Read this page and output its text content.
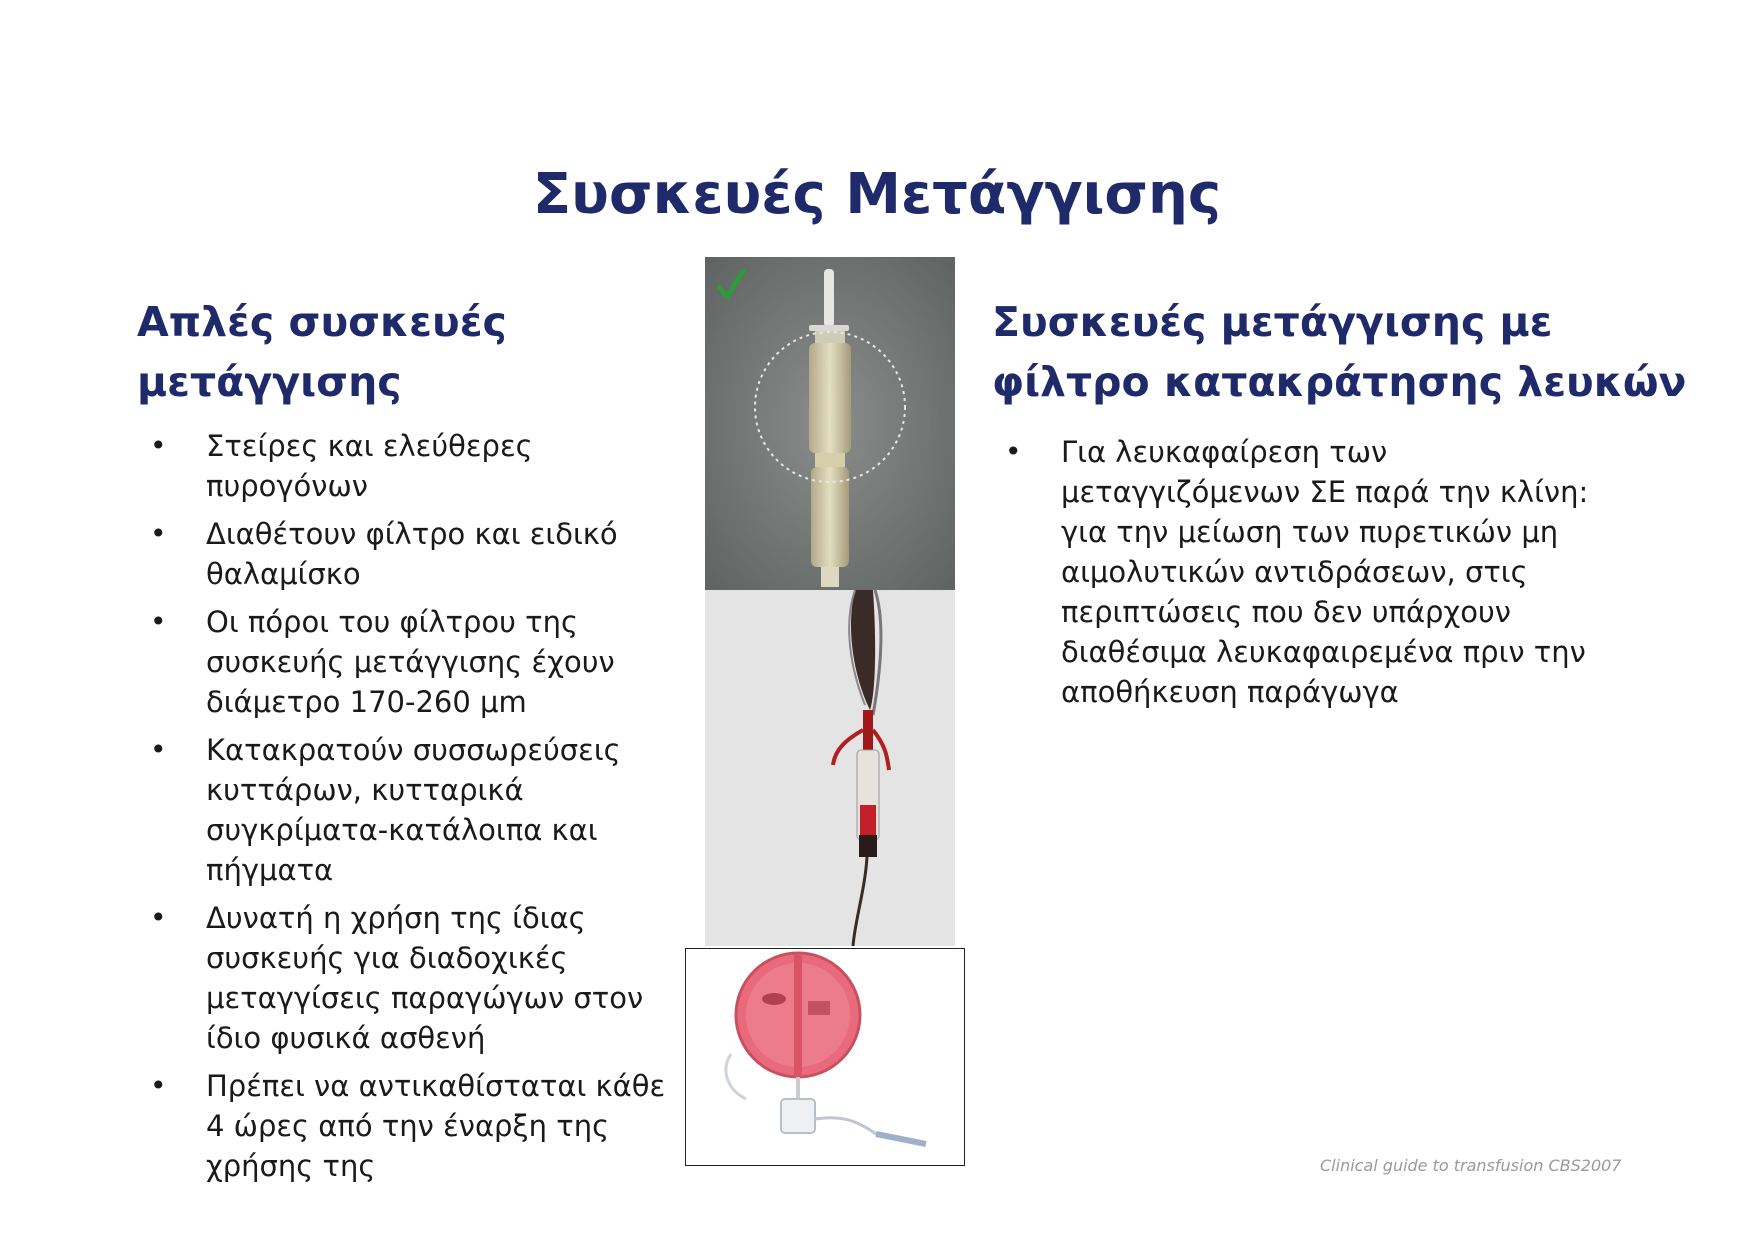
Συσκευές Μετάγγισης
Απλές συσκευές
μετάγγισης
• Στείρες και ελεύθερες πυρογόνων
• Διαθέτουν φίλτρο και ειδικό θαλαμίσκο
• Οι πόροι του φίλτρου της συσκευής μετάγγισης έχουν διάμετρο 170-260 μm
• Κατακρατούν συσσωρεύσεις κυττάρων, κυτταρικά συγκρίματα-κατάλοιπα και πήγματα
• Δυνατή η χρήση της ίδιας συσκευής για διαδοχικές μεταγγίσεις παραγώγων στον ίδιο φυσικά ασθενή
• Πρέπει να αντικαθίσταται κάθε 4 ώρες από την έναρξη της χρήσης της
Συσκευές μετάγγισης με
φίλτρο κατακράτησης λευκών
• Για λευκαφαίρεση των μεταγγιζόμενων ΣΕ παρά την κλίνη: για την μείωση των πυρετικών μη αιμολυτικών αντιδράσεων, στις περιπτώσεις που δεν υπάρχουν διαθέσιμα λευκαφαιρεμένα πριν την αποθήκευση παράγωγα
Clinical guide to transfusion CBS2007
